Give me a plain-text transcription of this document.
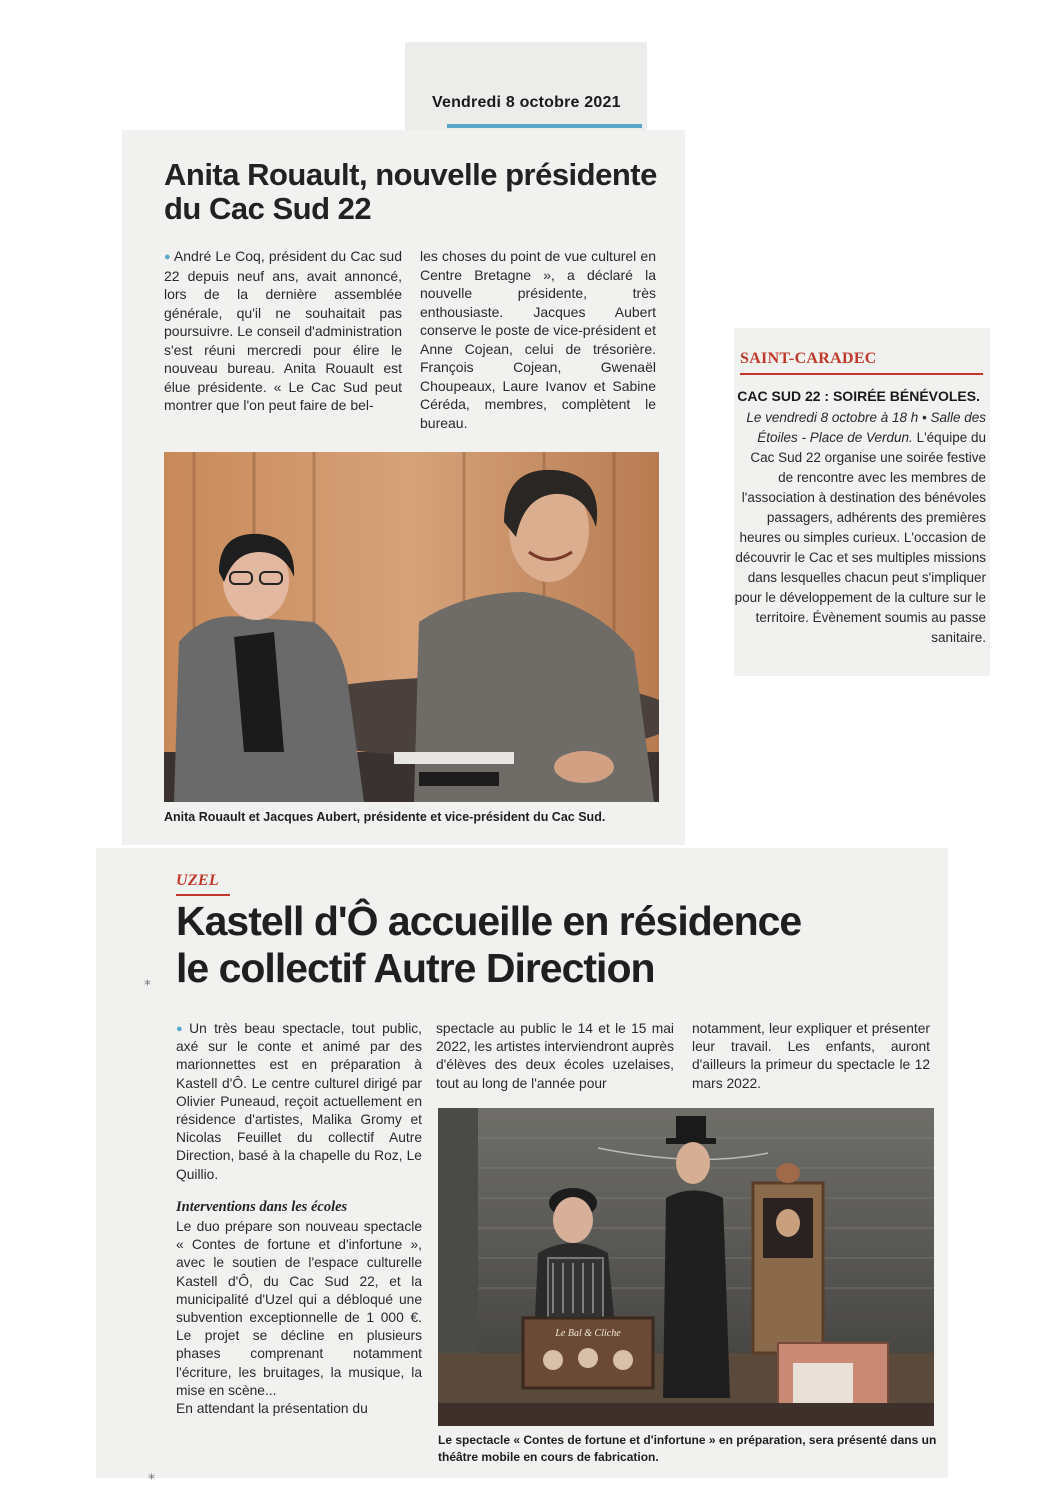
Vendredi 8 octobre 2021
Anita Rouault, nouvelle présidente
du Cac Sud 22
● André Le Coq, président du Cac sud 22 depuis neuf ans, avait annoncé, lors de la dernière assemblée générale, qu'il ne souhaitait pas poursuivre. Le conseil d'administration s'est réuni mercredi pour élire le nouveau bureau. Anita Rouault est élue présidente. « Le Cac Sud peut montrer que l'on peut faire de bel-
les choses du point de vue culturel en Centre Bretagne », a déclaré la nouvelle présidente, très enthousiaste. Jacques Aubert conserve le poste de vice-président et Anne Cojean, celui de trésorière. François Cojean, Gwenaël Choupeaux, Laure Ivanov et Sabine Céréda, membres, complètent le bureau.
Anita Rouault et Jacques Aubert, présidente et vice-président du Cac Sud.
SAINT-CARADEC
CAC SUD 22 : SOIRÉE BÉNÉVOLES.
Le vendredi 8 octobre à 18 h • Salle des Étoiles - Place de Verdun. L'équipe du Cac Sud 22 organise une soirée festive de rencontre avec les membres de l'association à destination des bénévoles passagers, adhérents des premières heures ou simples curieux. L'occasion de découvrir le Cac et ses multiples missions dans lesquelles chacun peut s'impliquer pour le développement de la culture sur le territoire. Évènement soumis au passe sanitaire.
UZEL
Kastell d'Ô accueille en résidence
le collectif Autre Direction
● Un très beau spectacle, tout public, axé sur le conte et animé par des marionnettes est en préparation à Kastell d'Ô. Le centre culturel dirigé par Olivier Puneaud, reçoit actuellement en résidence d'artistes, Malika Gromy et Nicolas Feuillet du collectif Autre Direction, basé à la chapelle du Roz, Le Quillio.
Interventions dans les écoles
Le duo prépare son nouveau spectacle « Contes de fortune et d'infortune », avec le soutien de l'espace culturelle Kastell d'Ô, du Cac Sud 22, et la municipalité d'Uzel qui a débloqué une subvention exceptionnelle de 1 000 €. Le projet se décline en plusieurs phases comprenant notamment l'écriture, les bruitages, la musique, la mise en scène...
En attendant la présentation du
spectacle au public le 14 et le 15 mai 2022, les artistes interviendront auprès d'élèves des deux écoles uzelaises, tout au long de l'année pour
notamment, leur expliquer et présenter leur travail. Les enfants, auront d'ailleurs la primeur du spectacle le 12 mars 2022.
Le Bal & Cliche
Le spectacle « Contes de fortune et d'infortune » en préparation, sera présenté dans un théâtre mobile en cours de fabrication.
⁎
⁎
